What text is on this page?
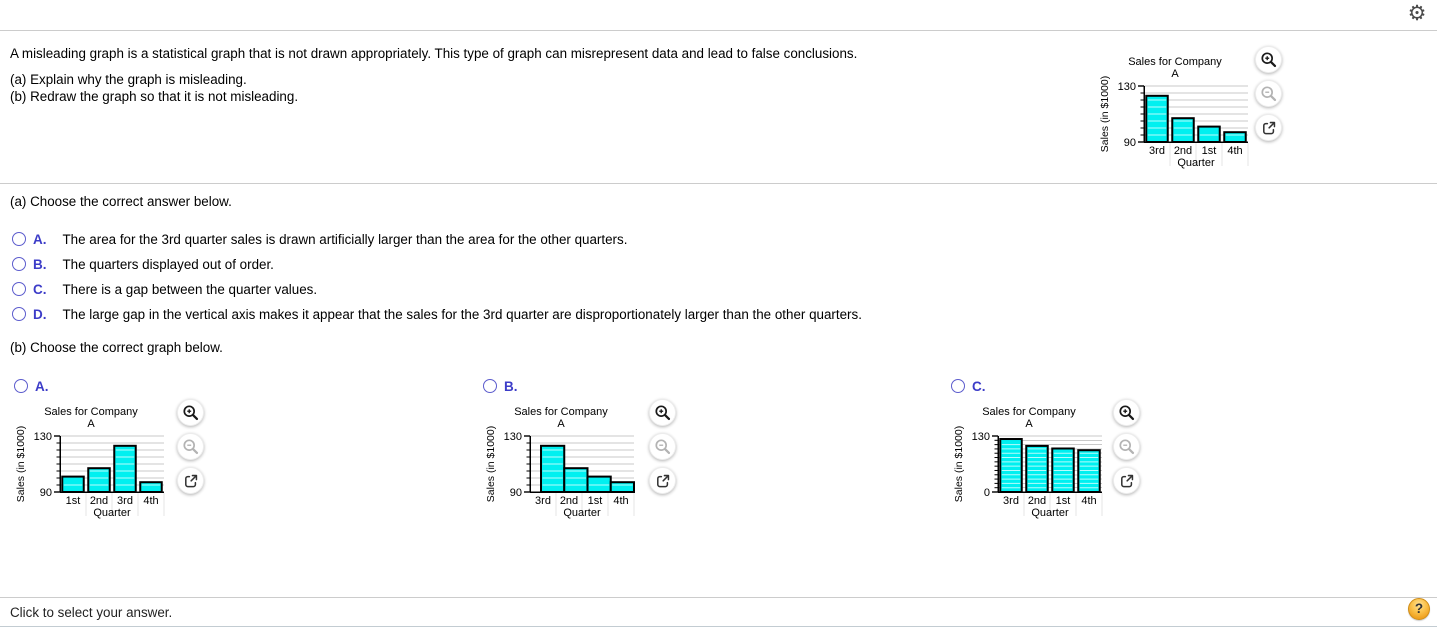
⚙
A misleading graph is a statistical graph that is not drawn appropriately. This type of graph can misrepresent data and lead to false conclusions.
(a) Explain why the graph is misleading.
(b) Redraw the graph so that it is not misleading.
Sales for Company
A
Sales (in $1000) 90
130
3rd 2nd 1st 4th
Quarter
(a) Choose the correct answer below.
A.	The area for the 3rd quarter sales is drawn artificially larger than the area for the other quarters.
B.	The quarters displayed out of order.
C.	There is a gap between the quarter values.
D.	The large gap in the vertical axis makes it appear that the sales for the 3rd quarter are disproportionately larger than the other quarters.
(b) Choose the correct graph below.
A.	B.	C.
Sales for Company
A
Sales (in $1000) 90
130
1st 2nd 3rd 4th
Quarter
Sales for Company
A
Sales (in $1000) 90
130
3rd 2nd 1st 4th
Quarter
Sales for Company
A
Sales (in $1000) 0
130
3rd 2nd 1st 4th
Quarter
Click to select your answer.	?
